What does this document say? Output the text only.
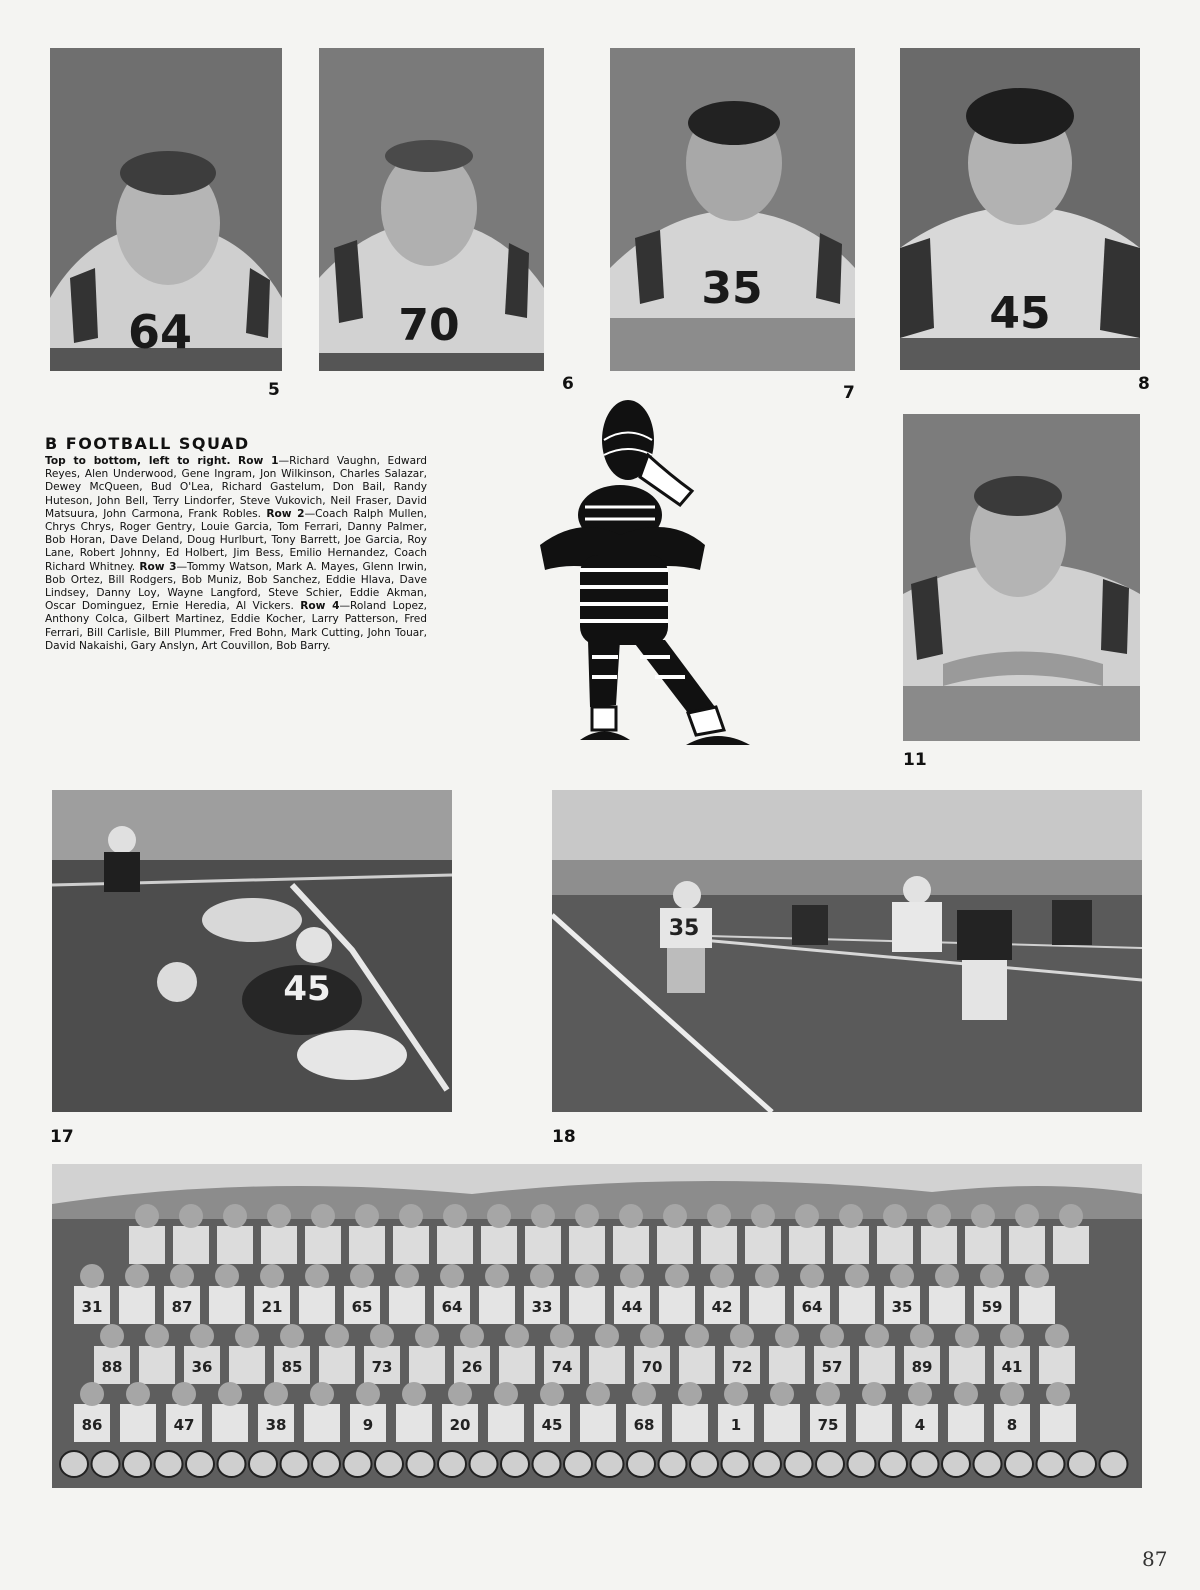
64
5
70
6
35
7
45
8
B FOOTBALL SQUAD

Top to bottom, left to right. Row 1—Richard Vaughn, Edward Reyes, Alen Underwood, Gene Ingram, Jon Wilkinson, Charles Salazar, Dewey McQueen, Bud O'Lea, Richard Gastelum, Don Bail, Randy Huteson, John Bell, Terry Lindorfer, Steve Vukovich, Neil Fraser, David Matsuura, John Carmona, Frank Robles. Row 2—Coach Ralph Mullen, Chrys Chrys, Roger Gentry, Louie Garcia, Tom Ferrari, Danny Palmer, Bob Horan, Dave Deland, Doug Hurlburt, Tony Barrett, Joe Garcia, Roy Lane, Robert Johnny, Ed Holbert, Jim Bess, Emilio Hernandez, Coach Richard Whitney. Row 3—Tommy Watson, Mark A. Mayes, Glenn Irwin, Bob Ortez, Bill Rodgers, Bob Muniz, Bob Sanchez, Eddie Hlava, Dave Lindsey, Danny Loy, Wayne Langford, Steve Schier, Eddie Akman, Oscar Dominguez, Ernie Heredia, Al Vickers. Row 4—Roland Lopez, Anthony Colca, Gilbert Martinez, Eddie Kocher, Larry Patterson, Fred Ferrari, Bill Carlisle, Bill Plummer, Fred Bohn, Mark Cutting, John Touar, David Nakaishi, Gary Anslyn, Art Couvillon, Bob Barry.

11
45
17
35
18
31	87	21	65	64	33	44	42	64	35	59
88	36	85	73	26	74	70	72	57	89	41
86	47	38	9	20	45	68	1	75	4	8
87
